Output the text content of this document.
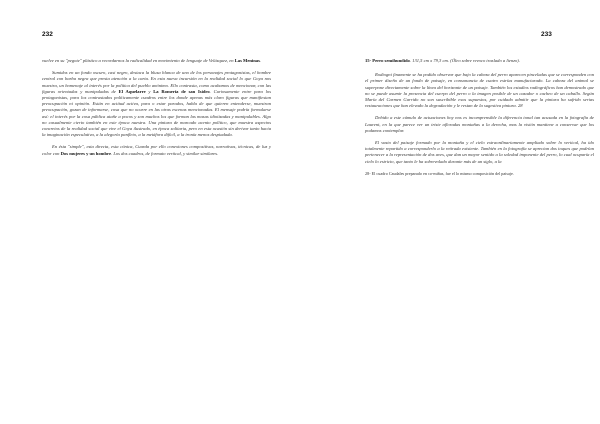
232

vuelve en su "pegote" plástico a recordarnos la radicalidad en movimiento de lenguaje de Velázquez, en Las Meninas.

Sumidos en un fondo oscuro, casi negro, destaca la blusa blanca de uno de los personajes protagonistas, el hombre central con barba negra que presta atención a la carta. En esta nueva incursión en la realidad social lo que Goya nos muestra, un homenaje al interés por la política del pueblo anónimo. Ello contrasta, como acabamos de mencionar, con las figuras orientadas y manipuladas de El Aquelarre y La Romería de san Isidro. Curiosamente entre para los protagonistas, para los contrastados políticamente cuadros entre los donde apenas más claro figuras que manifiestan preocupación ni opinión. Están en actitud activa, para o estar parados, habla de que quieren entenderse, muestran preocupación, gozan de informarse, cosa que no ocurre en las otras escenas mencionadas. El mensaje podría formularse así: el interés por la cosa pública atañe a pocos y son muchos los que forman las masas idiotizadas y manipulables. Algo no casualmente cierto también en este época nuestra. Una pintura de marcado acento político, que muestra aspectos concretos de la realidad social que vive el Goya ilustrado, en época solitaria, pero en esta ocasión sin derivar tanto hacia la imaginación especulativa, a la alegoría panfleto, a la metáfora difícil, a la ironía menos despiadada.

En ésta "simple", esta directa, esta cónica, Cuarda por ello conexiones compositivas, narrativas, técnicas, de luz y color con Dos mujeres y un hombre. Los dos cuadros, de formato vertical, y similar similares.

233

15- Perro semihundido. 131,5 cm x 79,3 cm. (Óleo sobre revoco traslado a lienzo).

Rodiogni finamente se ha podido observar que bajo la cabeza del perro aparecen pinceladas que se corresponden con el primer diseño de un fondo de paisaje, en consonancia de cuatro estrías manufacturado. La cabeza del animal se superpone directamente sobre la línea del horizonte de un paisaje. También los estudios radiográficos han demostrado que no se puede asumir la presencia del cuerpo del perro o la imagen posible de un cazador o cacheo de un caballo. Según María del Carmen Garrido no son suscribible esos supuestos, por cuidado admitir que la pintura ha sufrido serias restauraciones que han elevado la degradación y le restan de la sugestiva pintura. 28

Debido a este cúmulo de actuaciones hoy nos es incomprensible la diferencia tonal tan acusada en la fotografía de Laurent, en la que parece ver un triste afloradas montañas a la derecha, mas la visión mantiene a conservar que los podamos contemplar.

El vasto del paisaje formado por la montaña y el cielo extraordinariamente ampliado sobre lo vertical, ha ido totalmente repartido a corresponderlo a la retirada existente. También en la fotografía se aprecian dos toques que podrían pertenecer a la representación de dos aves, que dan un mayor sentido a la soledad imponente del perro, lo cual ocuparía el cielo lo estricto, que tanto le ha sobrevolado durante más de un siglo, a la

28- El cuadro Caudales preparado en co-miñas, fue el lo mismo composición del paisaje.
